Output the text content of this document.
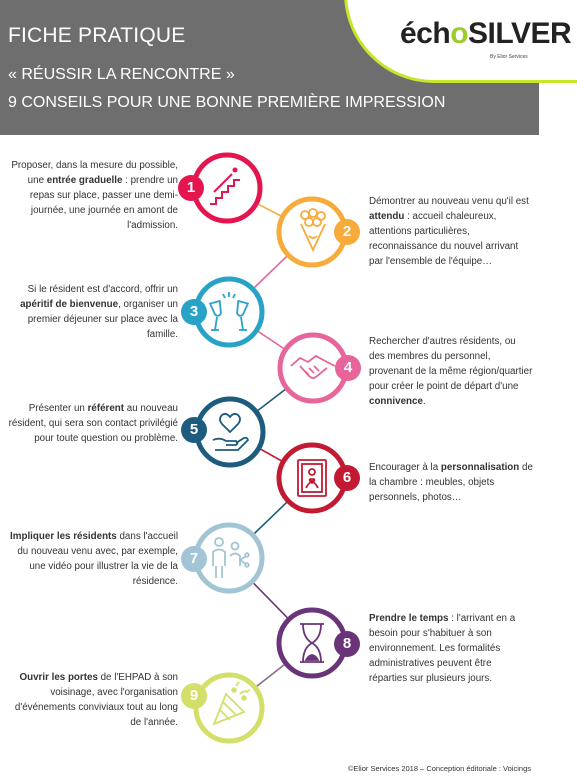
FICHE PRATIQUE
« RÉUSSIR LA RENCONTRE »
9 CONSEILS POUR UNE BONNE PREMIÈRE IMPRESSION
échoSILVER
By Elior Services
1
2
3
4
5
6
7
8
9
Proposer, dans la mesure du possible, une entrée graduelle : prendre un repas sur place, passer une demi-journée, une journée en amont de l'admission.
Démontrer au nouveau venu qu'il est attendu : accueil chaleureux, attentions particulières, reconnaissance du nouvel arrivant par l'ensemble de l'équipe…
Si le résident est d'accord, offrir un apéritif de bienvenue, organiser un premier déjeuner sur place avec la famille.
Rechercher d'autres résidents, ou des membres du personnel, provenant de la même région/quartier pour créer le point de départ d'une connivence.
Présenter un référent au nouveau résident, qui sera son contact privilégié pour toute question ou problème.
Encourager à la personnalisation de la chambre : meubles, objets personnels, photos…
Impliquer les résidents dans l'accueil du nouveau venu avec, par exemple, une vidéo pour illustrer la vie de la résidence.
Prendre le temps : l'arrivant en a besoin pour s'habituer à son environnement. Les formalités administratives peuvent être réparties sur plusieurs jours.
Ouvrir les portes de l'EHPAD à son voisinage, avec l'organisation d'événements conviviaux tout au long de l'année.
©Elior Services 2018 – Conception éditoriale : Voicings
